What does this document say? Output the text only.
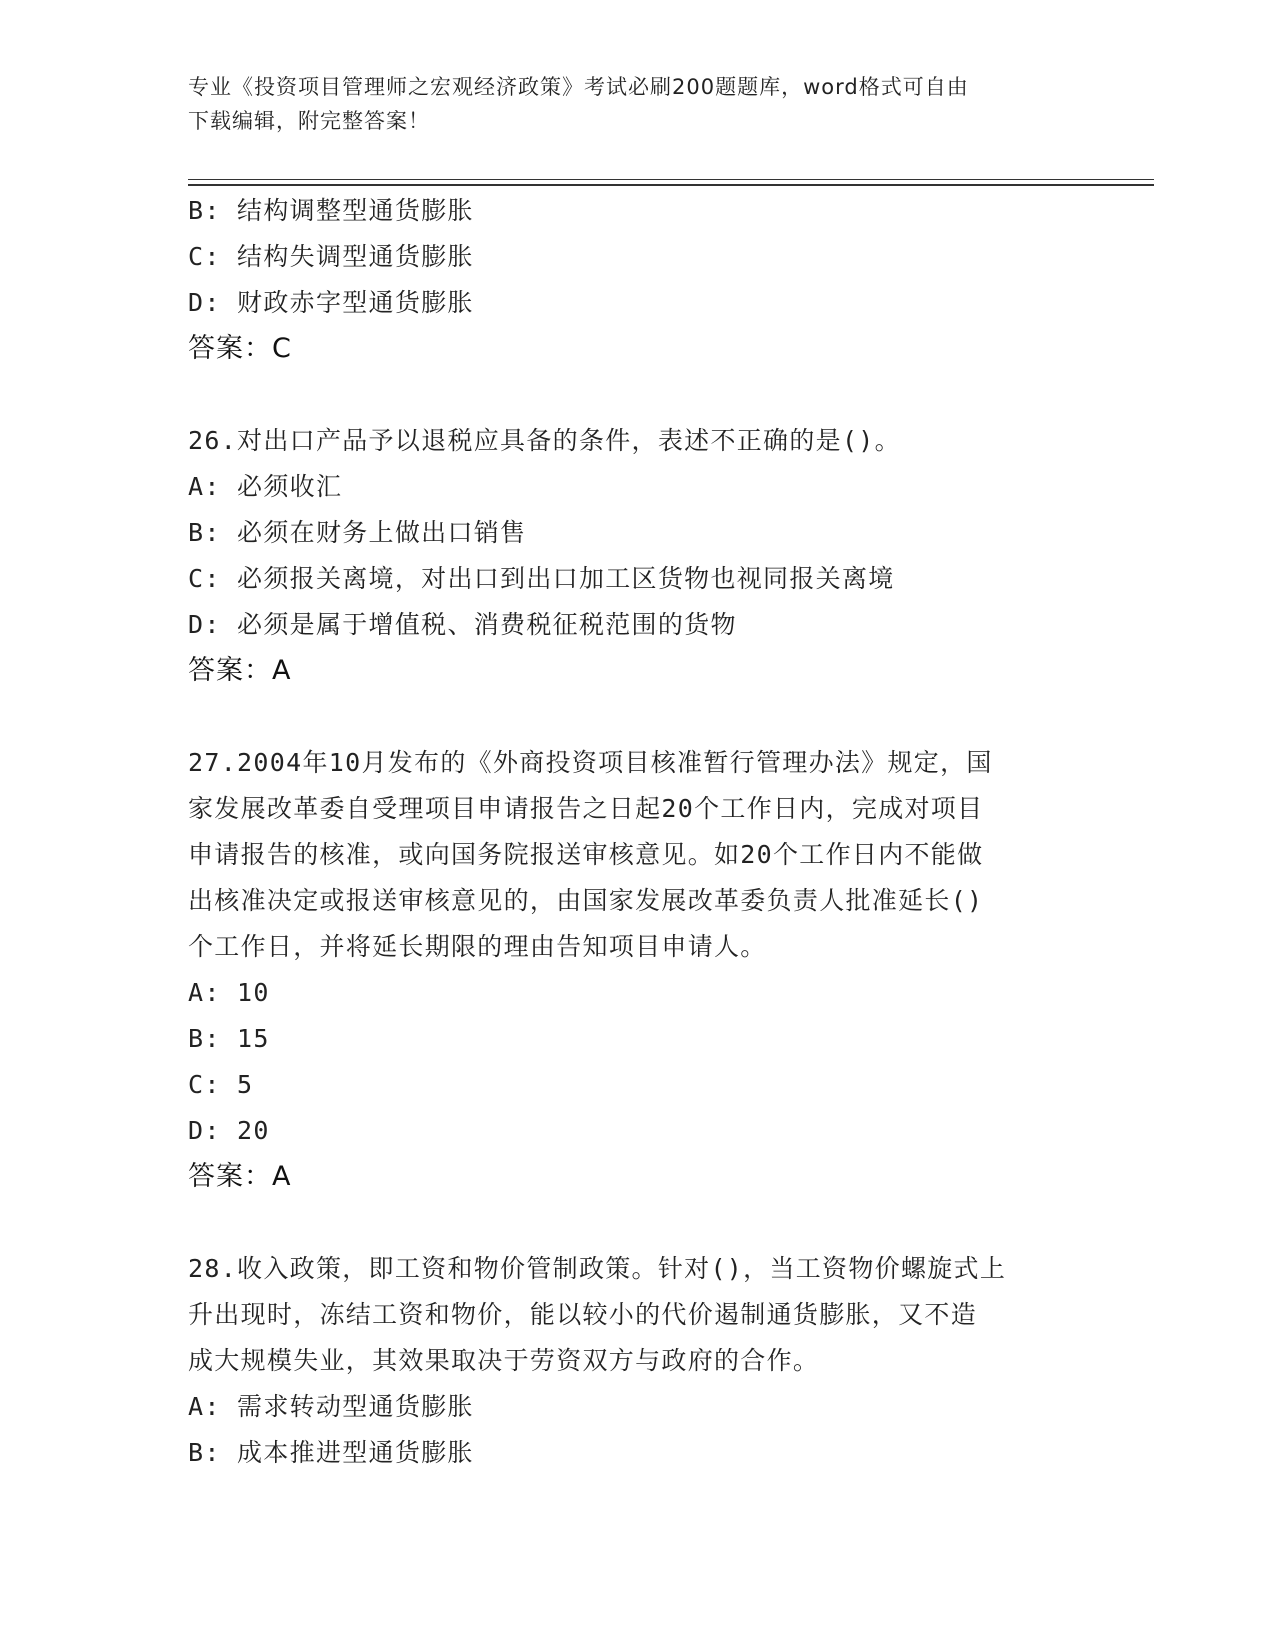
专业《投资项目管理师之宏观经济政策》考试必刷200题题库，word格式可自由
下载编辑，附完整答案！
B: 结构调整型通货膨胀
C: 结构失调型通货膨胀
D: 财政赤字型通货膨胀
答案：C
26.对出口产品予以退税应具备的条件，表述不正确的是()。
A: 必须收汇
B: 必须在财务上做出口销售
C: 必须报关离境，对出口到出口加工区货物也视同报关离境
D: 必须是属于增值税、消费税征税范围的货物
答案：A
27.2004年10月发布的《外商投资项目核准暂行管理办法》规定，国
家发展改革委自受理项目申请报告之日起20个工作日内，完成对项目
申请报告的核准，或向国务院报送审核意见。如20个工作日内不能做
出核准决定或报送审核意见的，由国家发展改革委负责人批准延长()
个工作日，并将延长期限的理由告知项目申请人。
A: 10
B: 15
C: 5
D: 20
答案：A
28.收入政策，即工资和物价管制政策。针对()，当工资物价螺旋式上
升出现时，冻结工资和物价，能以较小的代价遏制通货膨胀，又不造
成大规模失业，其效果取决于劳资双方与政府的合作。
A: 需求转动型通货膨胀
B: 成本推进型通货膨胀
